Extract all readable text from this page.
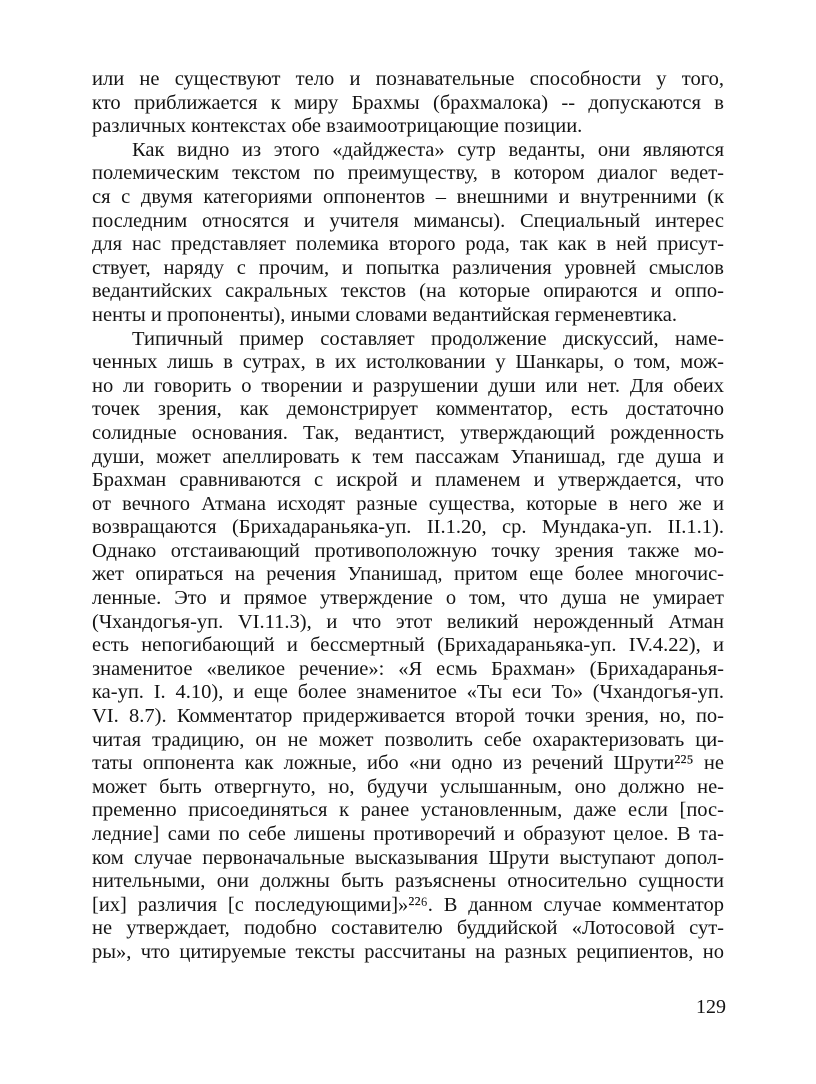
или не существуют тело и познавательные способности у того,
кто приближается к миру Брахмы (брахмалока) -- допускаются в
различных контекстах обе взаимоотрицающие позиции.
Как видно из этого «дайджеста» сутр веданты, они являются
полемическим текстом по преимуществу, в котором диалог ведет-
ся с двумя категориями оппонентов – внешними и внутренними (к
последним относятся и учителя мимансы). Специальный интерес
для нас представляет полемика второго рода, так как в ней присут-
ствует, наряду с прочим, и попытка различения уровней смыслов
ведантийских сакральных текстов (на которые опираются и оппо-
ненты и пропоненты), иными словами ведантийская герменевтика.
Типичный пример составляет продолжение дискуссий, наме-
ченных лишь в сутрах, в их истолковании у Шанкары, о том, мож-
но ли говорить о творении и разрушении души или нет. Для обеих
точек зрения, как демонстрирует комментатор, есть достаточно
солидные основания. Так, ведантист, утверждающий рожденность
души, может апеллировать к тем пассажам Упанишад, где душа и
Брахман сравниваются с искрой и пламенем и утверждается, что
от вечного Атмана исходят разные существа, которые в него же и
возвращаются (Брихадараньяка-уп. II.1.20, ср. Мундака-уп. II.1.1).
Однако отстаивающий противоположную точку зрения также мо-
жет опираться на речения Упанишад, притом еще более многочис-
ленные. Это и прямое утверждение о том, что душа не умирает
(Чхандогья-уп. VI.11.3), и что этот великий нерожденный Атман
есть непогибающий и бессмертный (Брихадараньяка-уп. IV.4.22), и
знаменитое «великое речение»: «Я есмь Брахман» (Брихадаранья-
ка-уп. I. 4.10), и еще более знаменитое «Ты еси То» (Чхандогья-уп.
VI. 8.7). Комментатор придерживается второй точки зрения, но, по-
читая традицию, он не может позволить себе охарактеризовать ци-
таты оппонента как ложные, ибо «ни одно из речений Шрути²²⁵ не
может быть отвергнуто, но, будучи услышанным, оно должно не-
пременно присоединяться к ранее установленным, даже если [пос-
ледние] сами по себе лишены противоречий и образуют целое. В та-
ком случае первоначальные высказывания Шрути выступают допол-
нительными, они должны быть разъяснены относительно сущности
[их] различия [с последующими]»²²⁶. В данном случае комментатор
не утверждает, подобно составителю буддийской «Лотосовой сут-
ры», что цитируемые тексты рассчитаны на разных реципиентов, но
129
